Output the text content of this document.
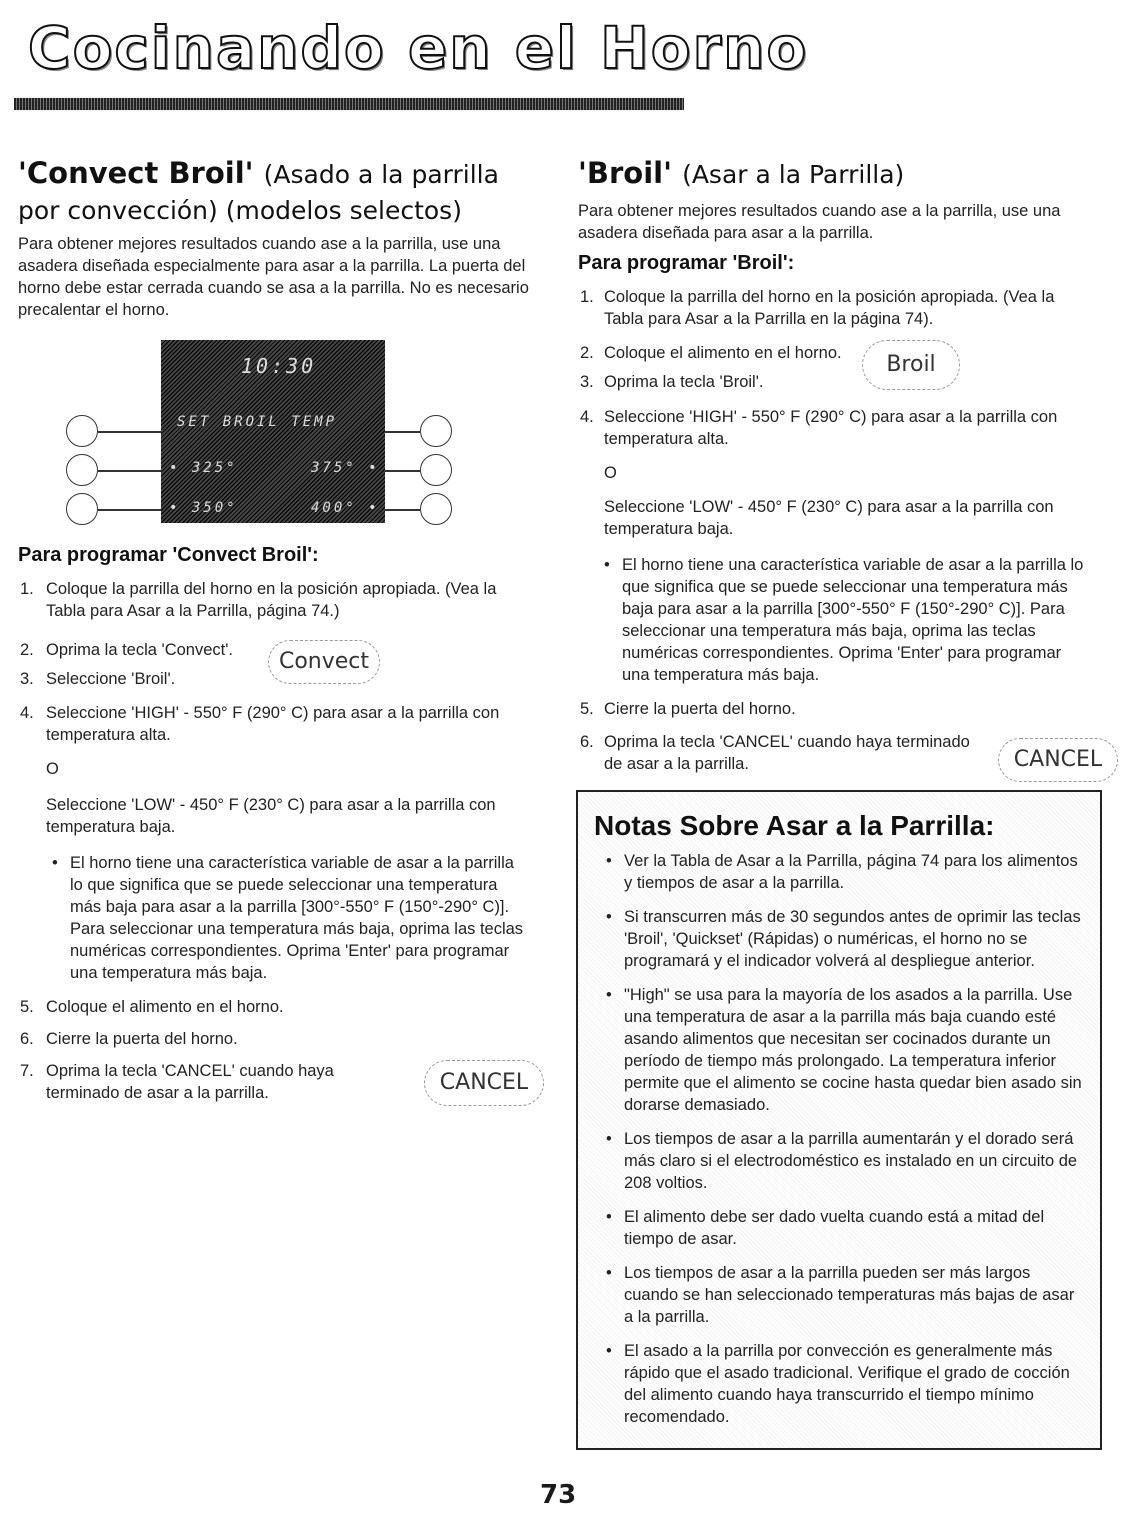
Cocinando en el Horno
'Convect Broil' (Asado a la parrilla
por convección) (modelos selectos)
Para obtener mejores resultados cuando ase a la parrilla, use una asadera diseñada especialmente para asar a la parrilla. La puerta del horno debe estar cerrada cuando se asa a la parrilla. No es necesario precalentar el horno.
10:30
SET BROIL TEMP
• 325°	375° •
• 350°	400° •
Para programar 'Convect Broil':
1. Coloque la parrilla del horno en la posición apropiada. (Vea la Tabla para Asar a la Parrilla, página 74.)
2. Oprima la tecla 'Convect'.
3. Seleccione 'Broil'.
4. Seleccione 'HIGH' - 550° F (290° C) para asar a la parrilla con temperatura alta.
O
Seleccione 'LOW' - 450° F (230° C) para asar a la parrilla con temperatura baja.
• El horno tiene una característica variable de asar a la parrilla lo que significa que se puede seleccionar una temperatura más baja para asar a la parrilla [300°-550° F (150°-290° C)]. Para seleccionar una temperatura más baja, oprima las teclas numéricas correspondientes. Oprima 'Enter' para programar una temperatura más baja.
5. Coloque el alimento en el horno.
6. Cierre la puerta del horno.
7. Oprima la tecla 'CANCEL' cuando haya terminado de asar a la parrilla.
Convect
CANCEL
'Broil' (Asar a la Parrilla)
Para obtener mejores resultados cuando ase a la parrilla, use una asadera diseñada para asar a la parrilla.
Para programar 'Broil':
1. Coloque la parrilla del horno en la posición apropiada. (Vea la Tabla para Asar a la Parrilla en la página 74).
2. Coloque el alimento en el horno.
3. Oprima la tecla 'Broil'.
4. Seleccione 'HIGH' - 550° F (290° C) para asar a la parrilla con temperatura alta.
O
Seleccione 'LOW' - 450° F (230° C) para asar a la parrilla con temperatura baja.
• El horno tiene una característica variable de asar a la parrilla lo que significa que se puede seleccionar una temperatura más baja para asar a la parrilla [300°-550° F (150°-290° C)]. Para seleccionar una temperatura más baja, oprima las teclas numéricas correspondientes. Oprima 'Enter' para programar una temperatura más baja.
5. Cierre la puerta del horno.
6. Oprima la tecla 'CANCEL' cuando haya terminado de asar a la parrilla.
Broil
CANCEL
Notas Sobre Asar a la Parrilla:
• Ver la Tabla de Asar a la Parrilla, página 74 para los alimentos y tiempos de asar a la parrilla.
• Si transcurren más de 30 segundos antes de oprimir las teclas 'Broil', 'Quickset' (Rápidas) o numéricas, el horno no se programará y el indicador volverá al despliegue anterior.
• "High" se usa para la mayoría de los asados a la parrilla. Use una temperatura de asar a la parrilla más baja cuando esté asando alimentos que necesitan ser cocinados durante un período de tiempo más prolongado. La temperatura inferior permite que el alimento se cocine hasta quedar bien asado sin dorarse demasiado.
• Los tiempos de asar a la parrilla aumentarán y el dorado será más claro si el electrodoméstico es instalado en un circuito de 208 voltios.
• El alimento debe ser dado vuelta cuando está a mitad del tiempo de asar.
• Los tiempos de asar a la parrilla pueden ser más largos cuando se han seleccionado temperaturas más bajas de asar a la parrilla.
• El asado a la parrilla por convección es generalmente más rápido que el asado tradicional. Verifique el grado de cocción del alimento cuando haya transcurrido el tiempo mínimo recomendado.
73
